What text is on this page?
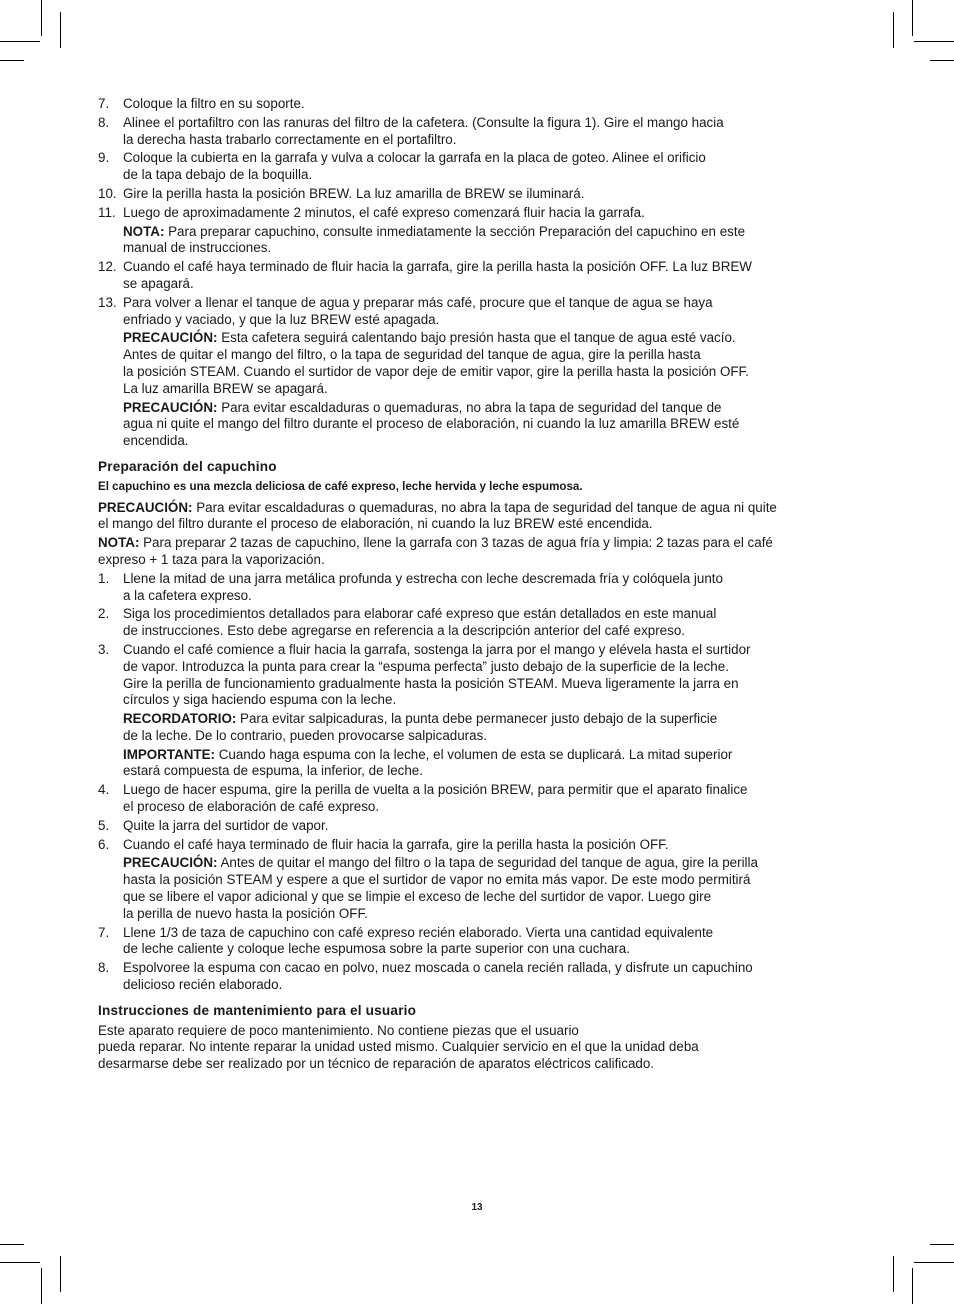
7. Coloque la filtro en su soporte.
8. Alinee el portafiltro con las ranuras del filtro de la cafetera. (Consulte la figura 1). Gire el mango hacia
la derecha hasta trabarlo correctamente en el portafiltro.
9. Coloque la cubierta en la garrafa y vulva a colocar la garrafa en la placa de goteo. Alinee el orificio
de la tapa debajo de la boquilla.
10. Gire la perilla hasta la posición BREW. La luz amarilla de BREW se iluminará.
11. Luego de aproximadamente 2 minutos, el café expreso comenzará fluir hacia la garrafa.
NOTA: Para preparar capuchino, consulte inmediatamente la sección Preparación del capuchino en este
manual de instrucciones.
12. Cuando el café haya terminado de fluir hacia la garrafa, gire la perilla hasta la posición OFF. La luz BREW
se apagará.
13. Para volver a llenar el tanque de agua y preparar más café, procure que el tanque de agua se haya
enfriado y vaciado, y que la luz BREW esté apagada.
PRECAUCIÓN: Esta cafetera seguirá calentando bajo presión hasta que el tanque de agua esté vacío.
Antes de quitar el mango del filtro, o la tapa de seguridad del tanque de agua, gire la perilla hasta
la posición STEAM. Cuando el surtidor de vapor deje de emitir vapor, gire la perilla hasta la posición OFF.
La luz amarilla BREW se apagará.
PRECAUCIÓN: Para evitar escaldaduras o quemaduras, no abra la tapa de seguridad del tanque de
agua ni quite el mango del filtro durante el proceso de elaboración, ni cuando la luz amarilla BREW esté
encendida.
Preparación del capuchino
El capuchino es una mezcla deliciosa de café expreso, leche hervida y leche espumosa.
PRECAUCIÓN: Para evitar escaldaduras o quemaduras, no abra la tapa de seguridad del tanque de agua ni quite
el mango del filtro durante el proceso de elaboración, ni cuando la luz BREW esté encendida.
NOTA: Para preparar 2 tazas de capuchino, llene la garrafa con 3 tazas de agua fría y limpia: 2 tazas para el café
expreso + 1 taza para la vaporización.
1. Llene la mitad de una jarra metálica profunda y estrecha con leche descremada fría y colóquela junto
a la cafetera expreso.
2. Siga los procedimientos detallados para elaborar café expreso que están detallados en este manual
de instrucciones. Esto debe agregarse en referencia a la descripción anterior del café expreso.
3. Cuando el café comience a fluir hacia la garrafa, sostenga la jarra por el mango y elévela hasta el surtidor
de vapor. Introduzca la punta para crear la “espuma perfecta” justo debajo de la superficie de la leche.
Gire la perilla de funcionamiento gradualmente hasta la posición STEAM. Mueva ligeramente la jarra en
círculos y siga haciendo espuma con la leche.
RECORDATORIO: Para evitar salpicaduras, la punta debe permanecer justo debajo de la superficie
de la leche. De lo contrario, pueden provocarse salpicaduras.
IMPORTANTE: Cuando haga espuma con la leche, el volumen de esta se duplicará. La mitad superior
estará compuesta de espuma, la inferior, de leche.
4. Luego de hacer espuma, gire la perilla de vuelta a la posición BREW, para permitir que el aparato finalice
el proceso de elaboración de café expreso.
5. Quite la jarra del surtidor de vapor.
6. Cuando el café haya terminado de fluir hacia la garrafa, gire la perilla hasta la posición OFF.
PRECAUCIÓN: Antes de quitar el mango del filtro o la tapa de seguridad del tanque de agua, gire la perilla
hasta la posición STEAM y espere a que el surtidor de vapor no emita más vapor. De este modo permitirá
que se libere el vapor adicional y que se limpie el exceso de leche del surtidor de vapor. Luego gire
la perilla de nuevo hasta la posición OFF.
7. Llene 1/3 de taza de capuchino con café expreso recién elaborado. Vierta una cantidad equivalente
de leche caliente y coloque leche espumosa sobre la parte superior con una cuchara.
8. Espolvoree la espuma con cacao en polvo, nuez moscada o canela recién rallada, y disfrute un capuchino
delicioso recién elaborado.
Instrucciones de mantenimiento para el usuario
Este aparato requiere de poco mantenimiento. No contiene piezas que el usuario
pueda reparar. No intente reparar la unidad usted mismo. Cualquier servicio en el que la unidad deba
desarmarse debe ser realizado por un técnico de reparación de aparatos eléctricos calificado.
13
